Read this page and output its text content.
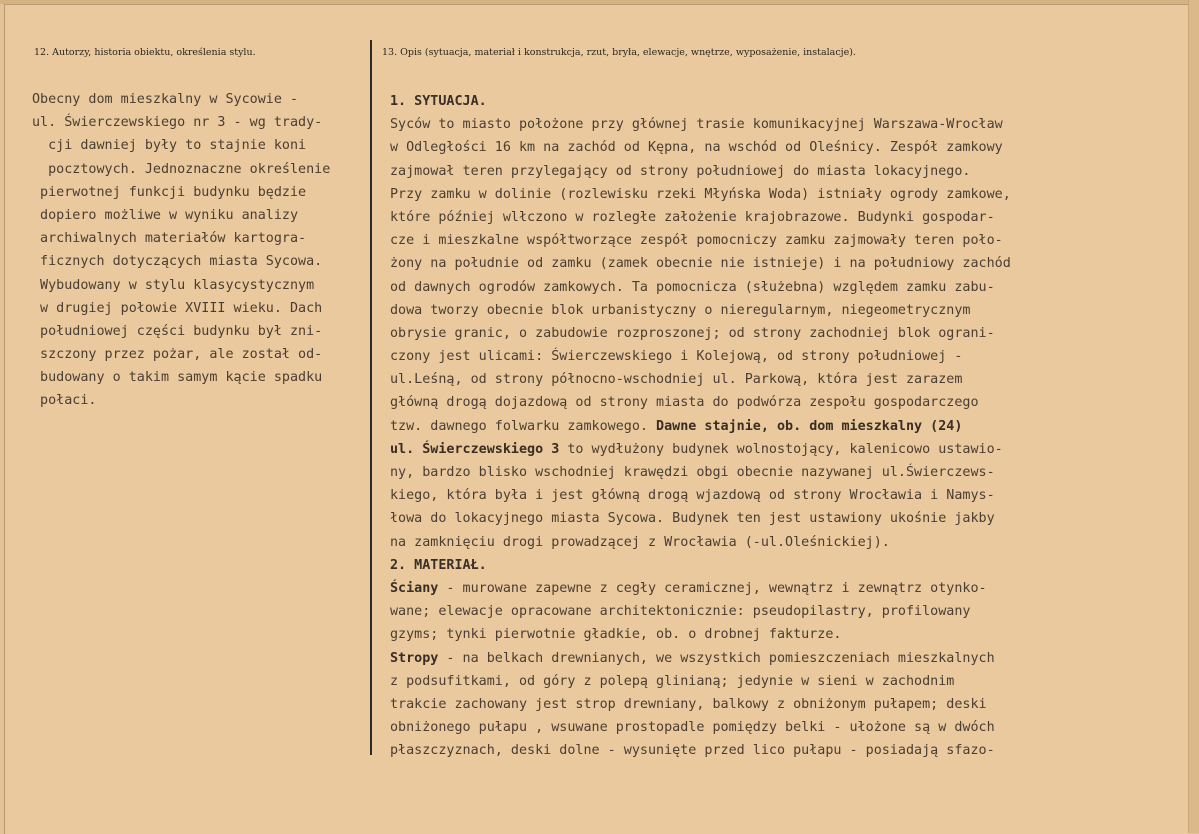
12. Autorzy, historia obiektu, określenia stylu.	13. Opis (sytuacja, materiał i konstrukcja, rzut, bryła, elewacje, wnętrze, wyposażenie, instalacje).
Obecny dom mieszkalny w Sycowie -
ul. Świerczewskiego nr 3 - wg trady-
cji dawniej były to stajnie koni
pocztowych. Jednoznaczne określenie
pierwotnej funkcji budynku będzie
dopiero możliwe w wyniku analizy
archiwalnych materiałów kartogra-
ficznych dotyczących miasta Sycowa.
Wybudowany w stylu klasycystycznym
w drugiej połowie XVIII wieku. Dach
południowej części budynku był zni-
szczony przez pożar, ale został od-
budowany o takim samym kącie spadku
połaci.
1. SYTUACJA.
Syców to miasto położone przy głównej trasie komunikacyjnej Warszawa-Wrocław
w Odległości 16 km na zachód od Kępna, na wschód od Oleśnicy. Zespół zamkowy
zajmował teren przylegający od strony południowej do miasta lokacyjnego.
Przy zamku w dolinie (rozlewisku rzeki Młyńska Woda) istniały ogrody zamkowe,
które później wlłczono w rozległe założenie krajobrazowe. Budynki gospodar-
cze i mieszkalne współtworzące zespół pomocniczy zamku zajmowały teren poło-
żony na południe od zamku (zamek obecnie nie istnieje) i na południowy zachód
od dawnych ogrodów zamkowych. Ta pomocnicza (służebna) względem zamku zabu-
dowa tworzy obecnie blok urbanistyczny o nieregularnym, niegeometrycznym
obrysie granic, o zabudowie rozproszonej; od strony zachodniej blok ograni-
czony jest ulicami: Świerczewskiego i Kolejową, od strony południowej -
ul.Leśną, od strony północno-wschodniej ul. Parkową, która jest zarazem
główną drogą dojazdową od strony miasta do podwórza zespołu gospodarczego
tzw. dawnego folwarku zamkowego. Dawne stajnie, ob. dom mieszkalny (24)
ul. Świerczewskiego 3 to wydłużony budynek wolnostojący, kalenicowo ustawio-
ny, bardzo blisko wschodniej krawędzi obgi obecnie nazywanej ul.Świerczews-
kiego, która była i jest główną drogą wjazdową od strony Wrocławia i Namys-
łowa do lokacyjnego miasta Sycowa. Budynek ten jest ustawiony ukośnie jakby
na zamknięciu drogi prowadzącej z Wrocławia (-ul.Oleśnickiej).
2. MATERIAŁ.
Ściany - murowane zapewne z cegły ceramicznej, wewnątrz i zewnątrz otynko-
wane; elewacje opracowane architektonicznie: pseudopilastry, profilowany
gzyms; tynki pierwotnie gładkie, ob. o drobnej fakturze.
Stropy - na belkach drewnianych, we wszystkich pomieszczeniach mieszkalnych
z podsufitkami, od góry z polepą glinianą; jedynie w sieni w zachodnim
trakcie zachowany jest strop drewniany, balkowy z obniżonym pułapem; deski
obniżonego pułapu , wsuwane prostopadle pomiędzy belki - ułożone są w dwóch
płaszczyznach, deski dolne - wysunięte przed lico pułapu - posiadają sfazo-
